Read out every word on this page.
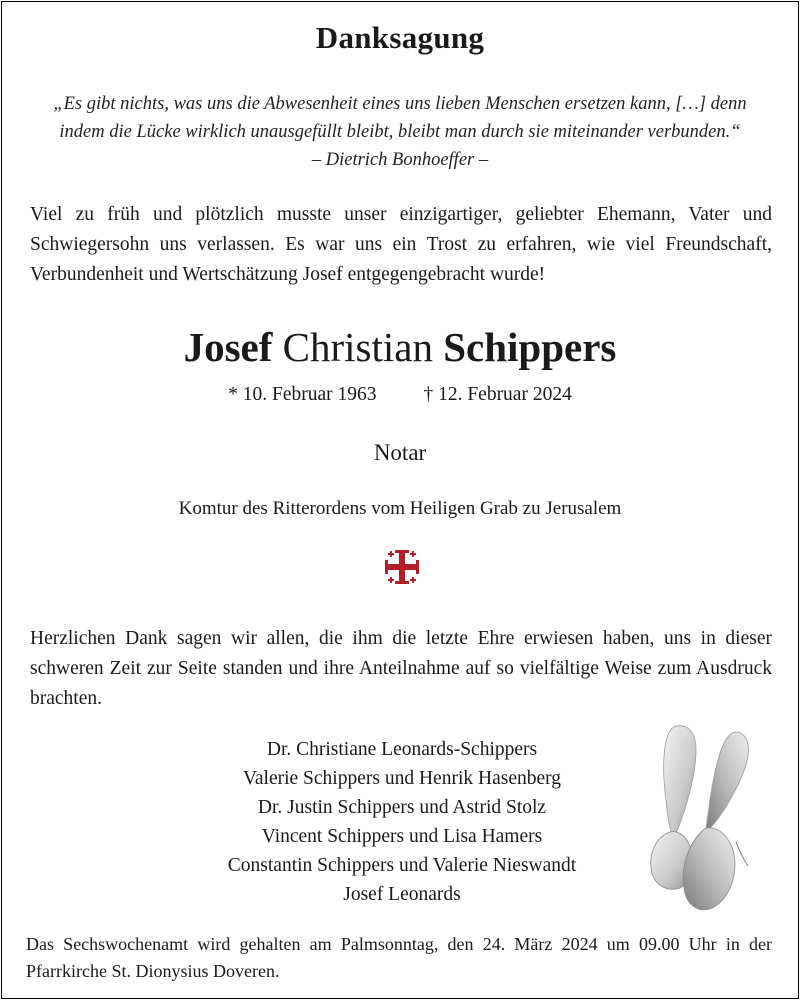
Danksagung
„Es gibt nichts, was uns die Abwesenheit eines uns lieben Menschen ersetzen kann, […] denn
indem die Lücke wirklich unausgefüllt bleibt, bleibt man durch sie miteinander verbunden.“
– Dietrich Bonhoeffer –
Viel zu früh und plötzlich musste unser einzigartiger, geliebter Ehemann, Vater und Schwiegersohn uns verlassen. Es war uns ein Trost zu erfahren, wie viel Freundschaft, Verbundenheit und Wertschätzung Josef entgegengebracht wurde!
Josef Christian Schippers
* 10. Februar 1963 † 12. Februar 2024
Notar
Komtur des Ritterordens vom Heiligen Grab zu Jerusalem
Herzlichen Dank sagen wir allen, die ihm die letzte Ehre erwiesen haben, uns in dieser schweren Zeit zur Seite standen und ihre Anteilnahme auf so vielfältige Weise zum Ausdruck brachten.
Dr. Christiane Leonards-Schippers
Valerie Schippers und Henrik Hasenberg
Dr. Justin Schippers und Astrid Stolz
Vincent Schippers und Lisa Hamers
Constantin Schippers und Valerie Nieswandt
Josef Leonards
Das Sechswochenamt wird gehalten am Palmsonntag, den 24. März 2024 um 09.00 Uhr in der Pfarrkirche St. Dionysius Doveren.
